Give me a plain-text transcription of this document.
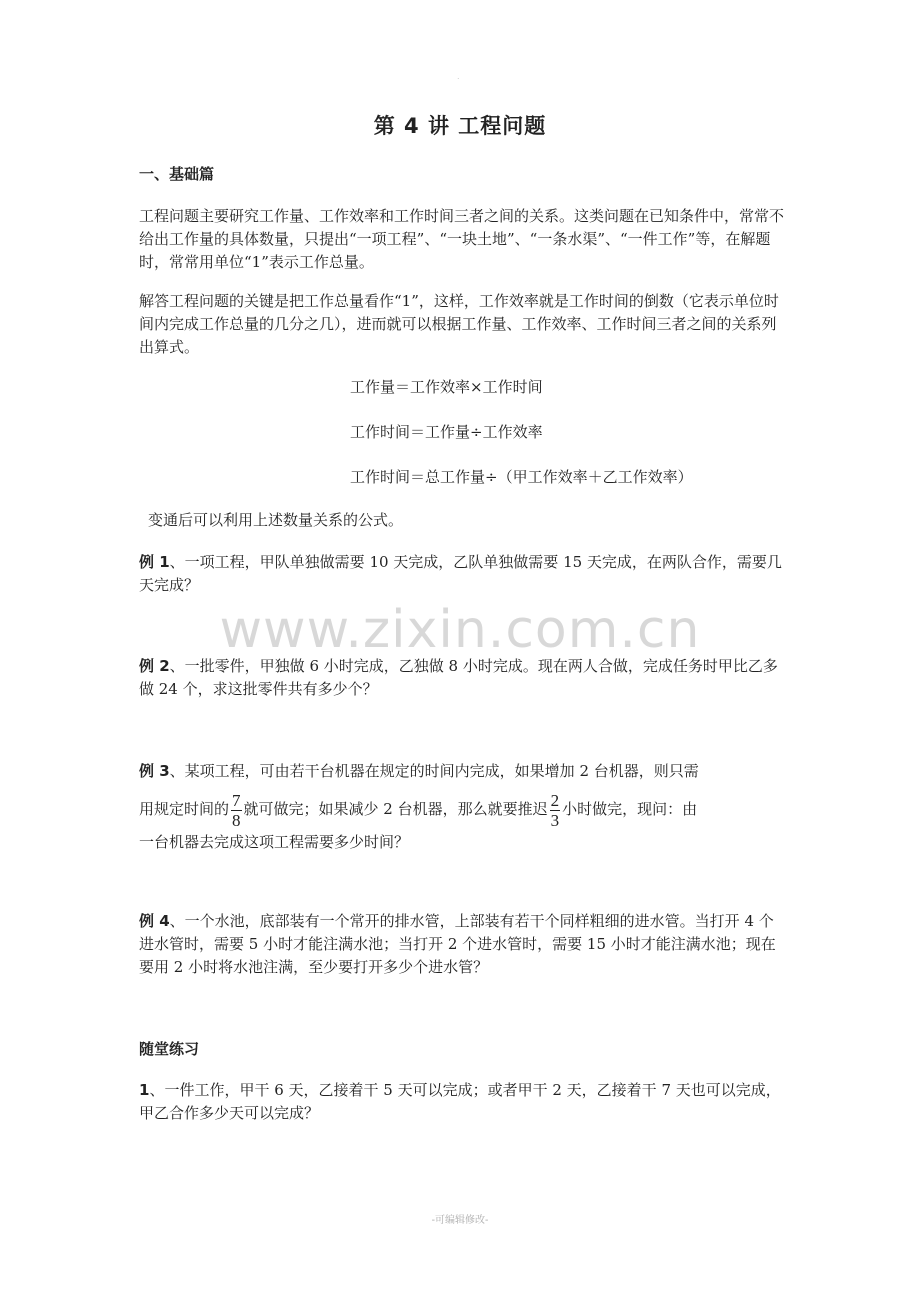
.
第 4 讲 工程问题
一、基础篇

工程问题主要研究工作量、工作效率和工作时间三者之间的关系。这类问题在已知条件中，常常不给出工作量的具体数量，只提出“一项工程”、“一块土地”、“一条水渠”、“一件工作”等，在解题时，常常用单位“1”表示工作总量。

解答工程问题的关键是把工作总量看作“1”，这样，工作效率就是工作时间的倒数（它表示单位时间内完成工作总量的几分之几），进而就可以根据工作量、工作效率、工作时间三者之间的关系列出算式。

工作量＝工作效率×工作时间
工作时间＝工作量÷工作效率
工作时间＝总工作量÷（甲工作效率＋乙工作效率）
变通后可以利用上述数量关系的公式。

例 1、一项工程，甲队单独做需要 10 天完成，乙队单独做需要 15 天完成，在两队合作，需要几天完成？

例 2、一批零件，甲独做 6 小时完成，乙独做 8 小时完成。现在两人合做，完成任务时甲比乙多做 24 个，求这批零件共有多少个？

例 3、某项工程，可由若干台机器在规定的时间内完成，如果增加 2 台机器，则只需
用规定时间的 $\frac{7}{8}$ 就可做完；如果减少 2 台机器，那么就要推迟 $\frac{2}{3}$ 小时做完，现问：由
一台机器去完成这项工程需要多少时间？

例 4、一个水池，底部装有一个常开的排水管，上部装有若干个同样粗细的进水管。当打开 4 个进水管时，需要 5 小时才能注满水池；当打开 2 个进水管时，需要 15 小时才能注满水池；现在要用 2 小时将水池注满，至少要打开多少个进水管？

随堂练习

1、一件工作，甲干 6 天，乙接着干 5 天可以完成；或者甲干 2 天，乙接着干 7 天也可以完成，甲乙合作多少天可以完成？

www.zixin.com.cn
-可编辑修改-
